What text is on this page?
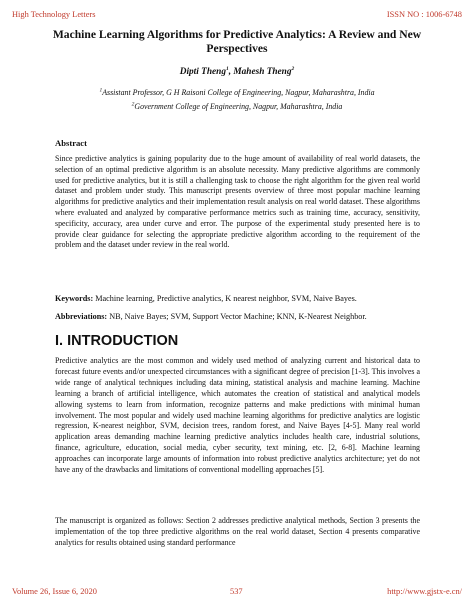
High Technology Letters	ISSN NO : 1006-6748
Machine Learning Algorithms for Predictive Analytics: A Review and New Perspectives
Dipti Theng$^1$, Mahesh Theng$^2$
$^1$Assistant Professor, G H Raisoni College of Engineering, Nagpur, Maharashtra, India
$^2$Government College of Engineering, Nagpur, Maharashtra, India
Abstract
Since predictive analytics is gaining popularity due to the huge amount of availability of real world datasets, the selection of an optimal predictive algorithm is an absolute necessity. Many predictive algorithms are commonly used for predictive analytics, but it is still a challenging task to choose the right algorithm for the given real world dataset and problem under study. This manuscript presents overview of three most popular machine learning algorithms for predictive analytics and their implementation result analysis on real world dataset. These algorithms where evaluated and analyzed by comparative performance metrics such as training time, accuracy, sensitivity, specificity, accuracy, area under curve and error. The purpose of the experimental study presented here is to provide clear guidance for selecting the appropriate predictive algorithm according to the requirement of the problem and the dataset under review in the real world.
Keywords: Machine learning, Predictive analytics, K nearest neighbor, SVM, Naive Bayes.
Abbreviations: NB, Naive Bayes; SVM, Support Vector Machine; KNN, K-Nearest Neighbor.
I. INTRODUCTION
Predictive analytics are the most common and widely used method of analyzing current and historical data to forecast future events and/or unexpected circumstances with a significant degree of precision [1-3]. This involves a wide range of analytical techniques including data mining, statistical analysis and machine learning. Machine learning a branch of artificial intelligence, which automates the creation of statistical and analytical models allowing systems to learn from information, recognize patterns and make predictions with minimal human involvement. The most popular and widely used machine learning algorithms for predictive analytics are logistic regression, K-nearest neighbor, SVM, decision trees, random forest, and Naive Bayes [4-5]. Many real world application areas demanding machine learning predictive analytics includes health care, industrial solutions, finance, agriculture, education, social media, cyber security, text mining, etc. [2, 6-8]. Machine learning approaches can incorporate large amounts of information into robust predictive analytics architecture; yet do not have any of the drawbacks and limitations of conventional modelling approaches [5].
The manuscript is organized as follows: Section 2 addresses predictive analytical methods, Section 3 presents the implementation of the top three predictive algorithms on the real world dataset, Section 4 presents comparative analytics for results obtained using standard performance
Volume 26, Issue 6, 2020	537	http://www.gjstx-e.cn/
